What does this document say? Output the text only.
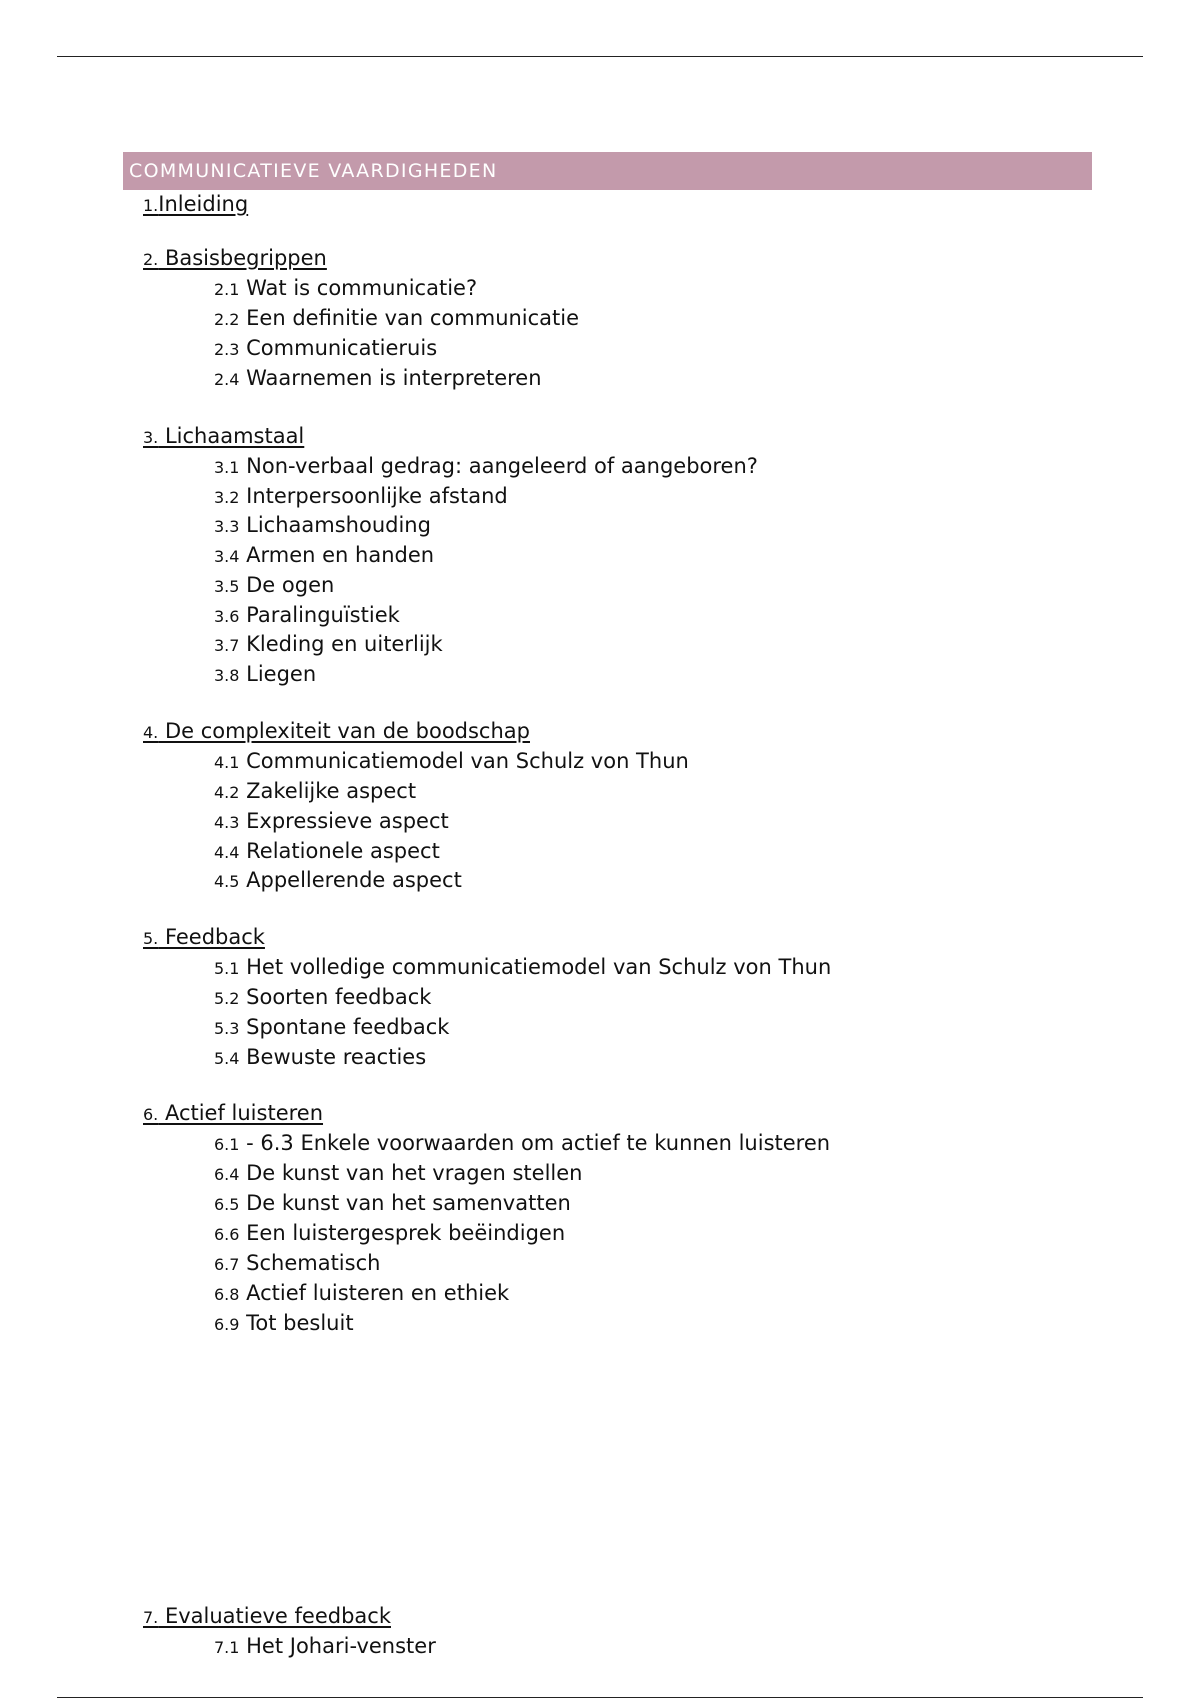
COMMUNICATIEVE VAARDIGHEDEN
1.Inleiding
2. Basisbegrippen
2.1 Wat is communicatie?
2.2 Een definitie van communicatie
2.3 Communicatieruis
2.4 Waarnemen is interpreteren
3. Lichaamstaal
3.1 Non-verbaal gedrag: aangeleerd of aangeboren?
3.2 Interpersoonlijke afstand
3.3 Lichaamshouding
3.4 Armen en handen
3.5 De ogen
3.6 Paralinguïstiek
3.7 Kleding en uiterlijk
3.8 Liegen
4. De complexiteit van de boodschap
4.1 Communicatiemodel van Schulz von Thun
4.2 Zakelijke aspect
4.3 Expressieve aspect
4.4 Relationele aspect
4.5 Appellerende aspect
5. Feedback
5.1 Het volledige communicatiemodel van Schulz von Thun
5.2 Soorten feedback
5.3 Spontane feedback
5.4 Bewuste reacties
6. Actief luisteren
6.1 - 6.3 Enkele voorwaarden om actief te kunnen luisteren
6.4 De kunst van het vragen stellen
6.5 De kunst van het samenvatten
6.6 Een luistergesprek beëindigen
6.7 Schematisch
6.8 Actief luisteren en ethiek
6.9 Tot besluit
7. Evaluatieve feedback
7.1 Het Johari-venster
